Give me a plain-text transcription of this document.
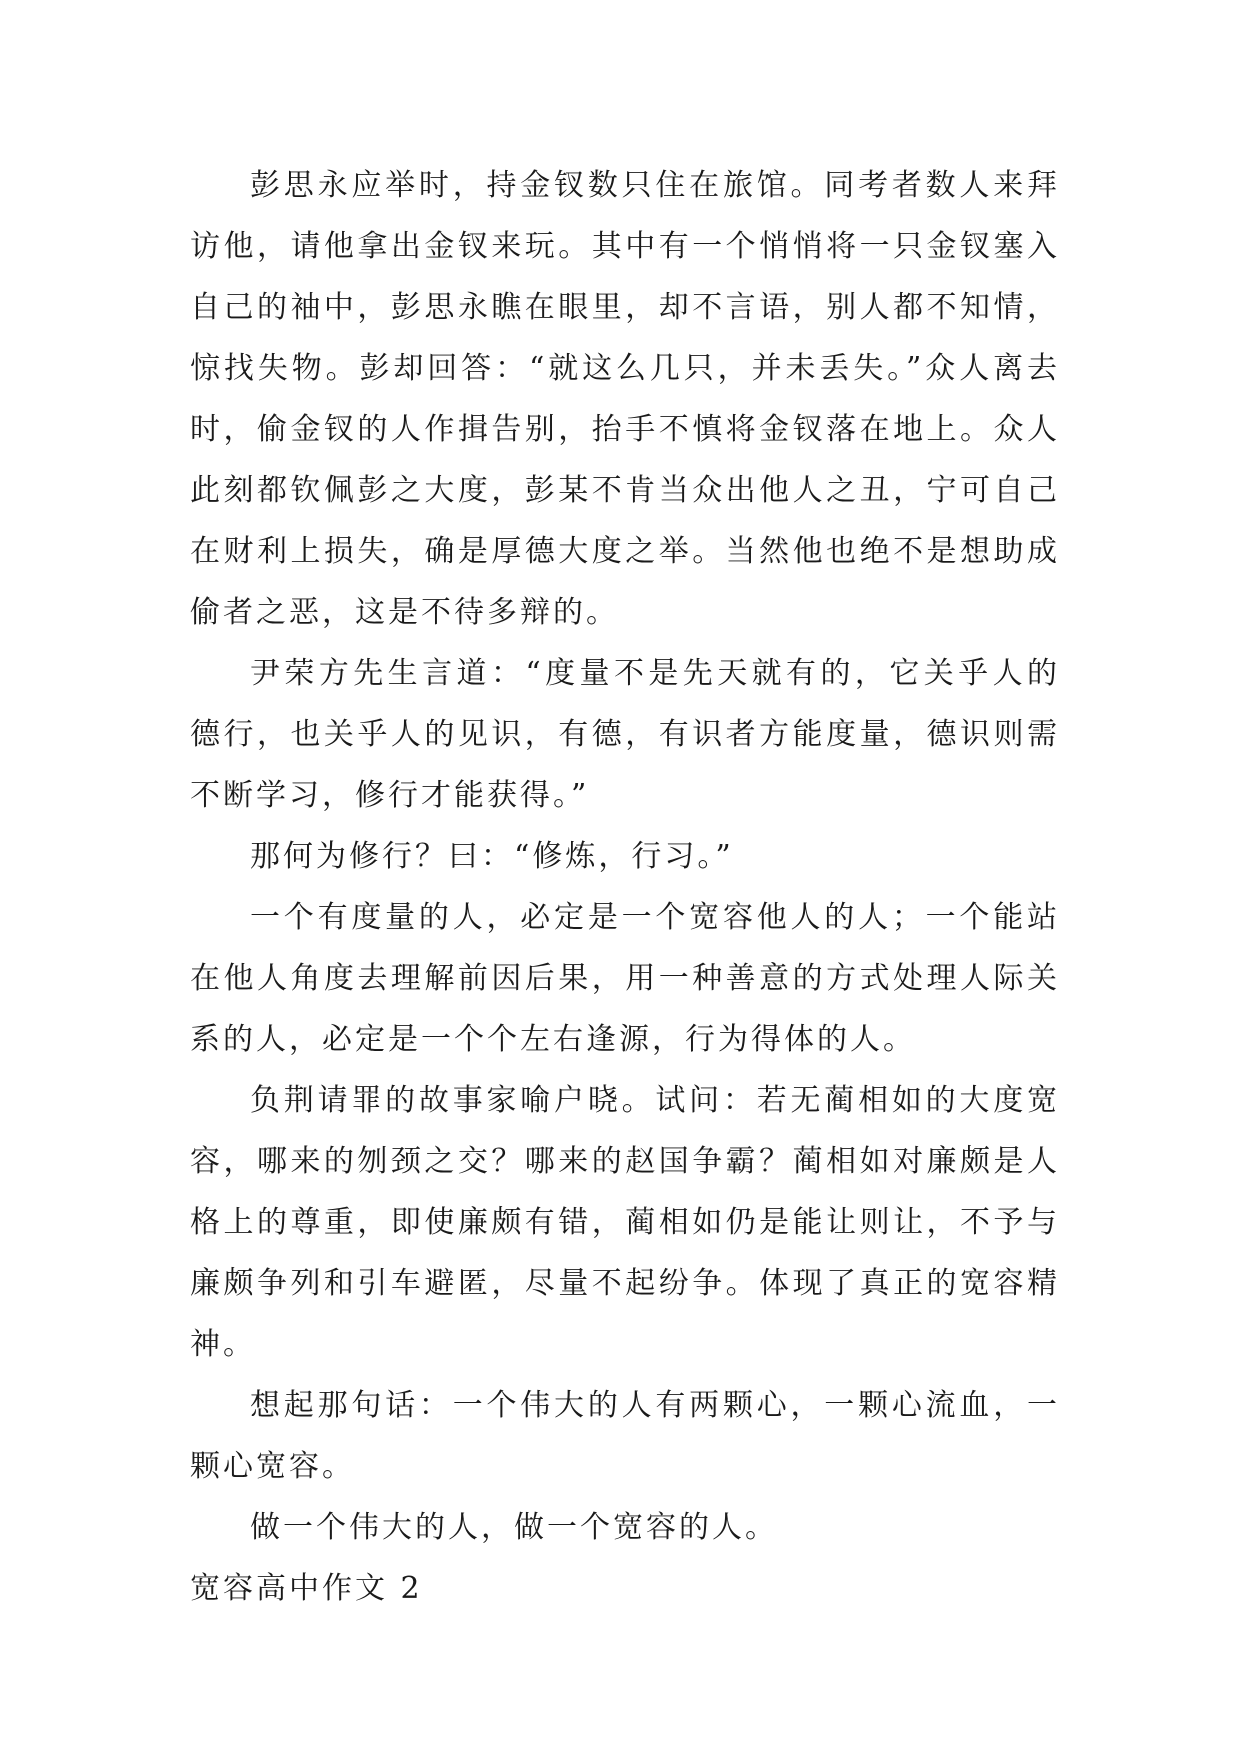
彭思永应举时，持金钗数只住在旅馆。同考者数人来拜访他，请他拿出金钗来玩。其中有一个悄悄将一只金钗塞入自己的袖中，彭思永瞧在眼里，却不言语，别人都不知情，惊找失物。彭却回答：“就这么几只，并未丢失。”众人离去时，偷金钗的人作揖告别，抬手不慎将金钗落在地上。众人此刻都钦佩彭之大度，彭某不肯当众出他人之丑，宁可自己在财利上损失，确是厚德大度之举。当然他也绝不是想助成偷者之恶，这是不待多辩的。

尹荣方先生言道：“度量不是先天就有的，它关乎人的德行，也关乎人的见识，有德，有识者方能度量，德识则需不断学习，修行才能获得。”

那何为修行？曰：“修炼，行习。”

一个有度量的人，必定是一个宽容他人的人；一个能站在他人角度去理解前因后果，用一种善意的方式处理人际关系的人，必定是一个个左右逢源，行为得体的人。

负荆请罪的故事家喻户晓。试问：若无蔺相如的大度宽容，哪来的刎颈之交？哪来的赵国争霸？蔺相如对廉颇是人格上的尊重，即使廉颇有错，蔺相如仍是能让则让，不予与廉颇争列和引车避匿，尽量不起纷争。体现了真正的宽容精神。

想起那句话：一个伟大的人有两颗心，一颗心流血，一颗心宽容。

做一个伟大的人，做一个宽容的人。

宽容高中作文 2
